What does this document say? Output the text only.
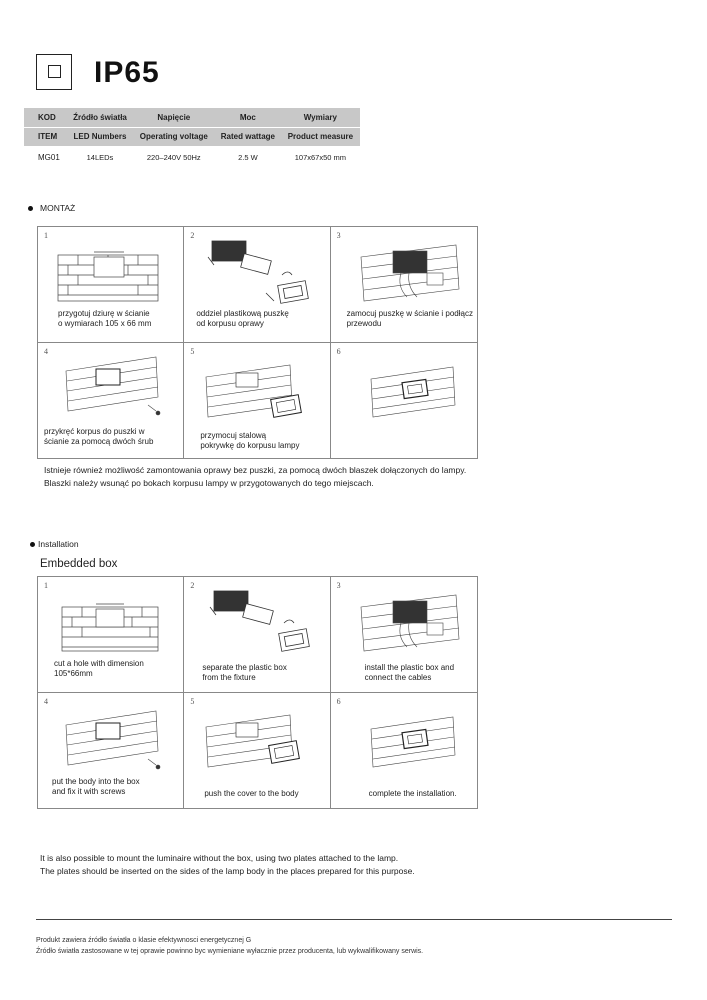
IP65
KOD	Źródło światła	Napięcie	Moc	Wymiary
ITEM	LED Numbers	Operating voltage	Rated wattage	Product measure
MG01	14LEDs	220–240V 50Hz	2.5 W	107x67x50 mm
MONTAŻ
1
przygotuj dziurę w ścianie
o wymiarach 105 x 66 mm
2
oddziel plastikową puszkę
od korpusu oprawy
3
zamocuj puszkę w ścianie i podłącz
przewodu
4
przykręć korpus do puszki w
ścianie za pomocą dwóch śrub
5
przymocuj stalową
pokrywkę do korpusu lampy
6
Istnieje również możliwość zamontowania oprawy bez puszki, za pomocą dwóch blaszek dołączonych do lampy.
Blaszki należy wsunąć po bokach korpusu lampy w przygotowanych do tego miejscach.
Installation
Embedded box
1
cut a hole with dimension
105*66mm
2
separate the plastic box
from the fixture
3
install the plastic box and
connect the cables
4
put the body into the box
and fix it with screws
5
push the cover to the body
6
complete the installation.
It is also possible to mount the luminaire without the box, using two plates attached to the lamp.
The plates should be inserted on the sides of the lamp body in the places prepared for this purpose.
Produkt zawiera źródło światła o klasie efektywnosci energetycznej G
Źródło światła zastosowane w tej oprawie powinno byc wymieniane wyłacznie przez producenta, lub wykwalifikowany serwis.
